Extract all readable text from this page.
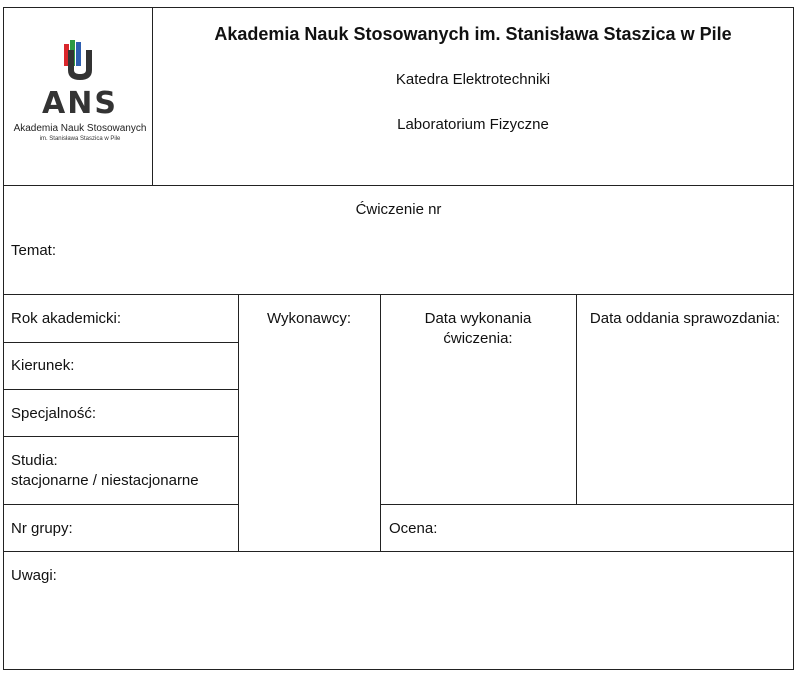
ANS
Akademia Nauk Stosowanych
im. Stanisława Staszica w Pile
Akademia Nauk Stosowanych im. Stanisława Staszica w Pile
Katedra Elektrotechniki
Laboratorium Fizyczne
Ćwiczenie nr
Temat:
Rok akademicki:
Kierunek:
Specjalność:
Studia:
stacjonarne / niestacjonarne
Nr grupy:
Wykonawcy:	Data wykonania
ćwiczenia:
Data oddania sprawozdania:
Ocena:
Uwagi:
